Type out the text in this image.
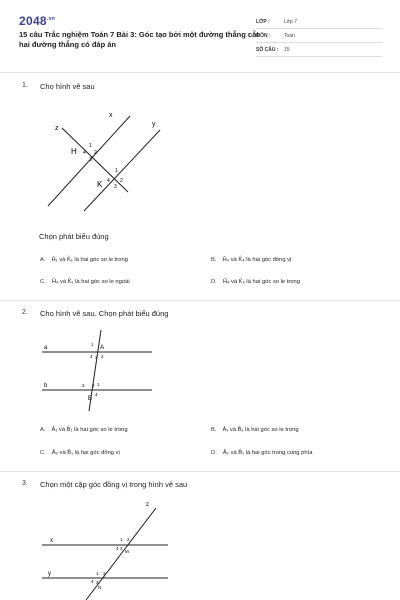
$2048^{.vn}$
15 câu Trắc nghiệm Toán 7 Bài 3: Góc tạo bởi một đường thẳng cắt hai đường thẳng có đáp án
LỚP :	Lớp 7
MÔN :	Toán
SỐ CÂU : 15
1. Cho hình vẽ sau
z
x
y
H
K
1
2
3
4
1
2
3
4
Chọn phát biểu đúng
A. Ĥ₁ và K̂₁ là hai góc so le trong	B. Ĥ₄ và K̂₄ là hai góc đồng vị
C. Ĥ₄ và K̂₁ là hai góc so le ngoài	D. Ĥ₄ và K̂₂ là hai góc so le trong
2. Cho hình vẽ sau. Chọn phát biểu đúng
a
b
A
B
1
2
3
4
1
2 3
4
A. Â₁ và B̂₁ là hai góc so le trong	B. Â₁ và B̂₁ là hai góc so le trong
C. Â₂ và B̂₁ là hai góc đồng vị	D. Â₂ và B̂₁ là hai góc trong cùng phía
3. Chọn một cặp góc đồng vị trong hình vẽ sau
x
y
z
M
N
1 2
3
4
1 2
3
4
